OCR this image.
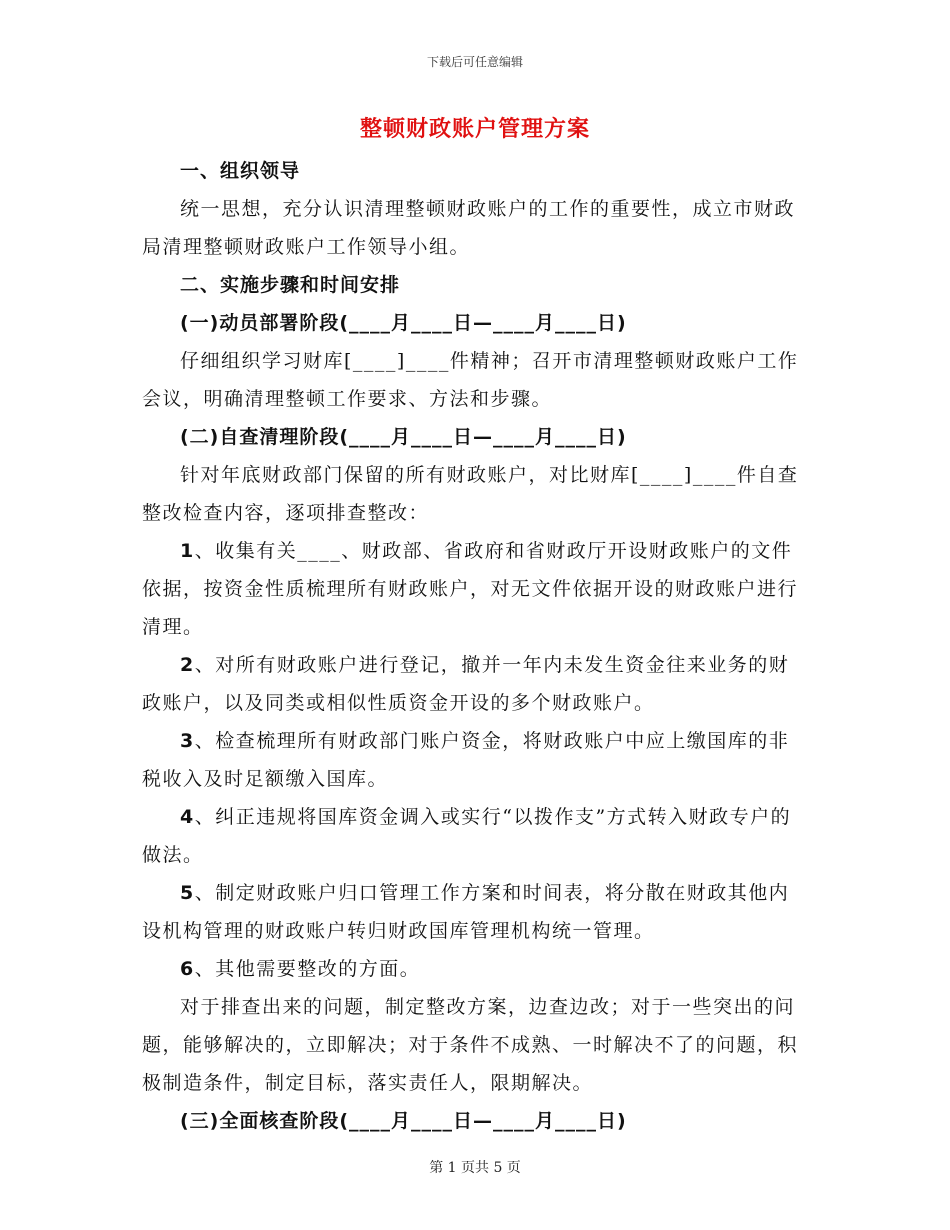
下载后可任意编辑
整顿财政账户管理方案

一、组织领导

统一思想，充分认识清理整顿财政账户的工作的重要性，成立市财政局清理整顿财政账户工作领导小组。

二、实施步骤和时间安排

(一)动员部署阶段(____月____日—____月____日)

仔细组织学习财库[____]____件精神；召开市清理整顿财政账户工作会议，明确清理整顿工作要求、方法和步骤。

(二)自查清理阶段(____月____日—____月____日)

针对年底财政部门保留的所有财政账户，对比财库[____]____件自查整改检查内容，逐项排查整改：

1、收集有关____、财政部、省政府和省财政厅开设财政账户的文件依据，按资金性质梳理所有财政账户，对无文件依据开设的财政账户进行清理。

2、对所有财政账户进行登记，撤并一年内未发生资金往来业务的财政账户，以及同类或相似性质资金开设的多个财政账户。

3、检查梳理所有财政部门账户资金，将财政账户中应上缴国库的非税收入及时足额缴入国库。

4、纠正违规将国库资金调入或实行“以拨作支”方式转入财政专户的做法。

5、制定财政账户归口管理工作方案和时间表，将分散在财政其他内设机构管理的财政账户转归财政国库管理机构统一管理。

6、其他需要整改的方面。

对于排查出来的问题，制定整改方案，边查边改；对于一些突出的问题，能够解决的，立即解决；对于条件不成熟、一时解决不了的问题，积极制造条件，制定目标，落实责任人，限期解决。

(三)全面核查阶段(____月____日—____月____日)

第 1 页共 5 页
